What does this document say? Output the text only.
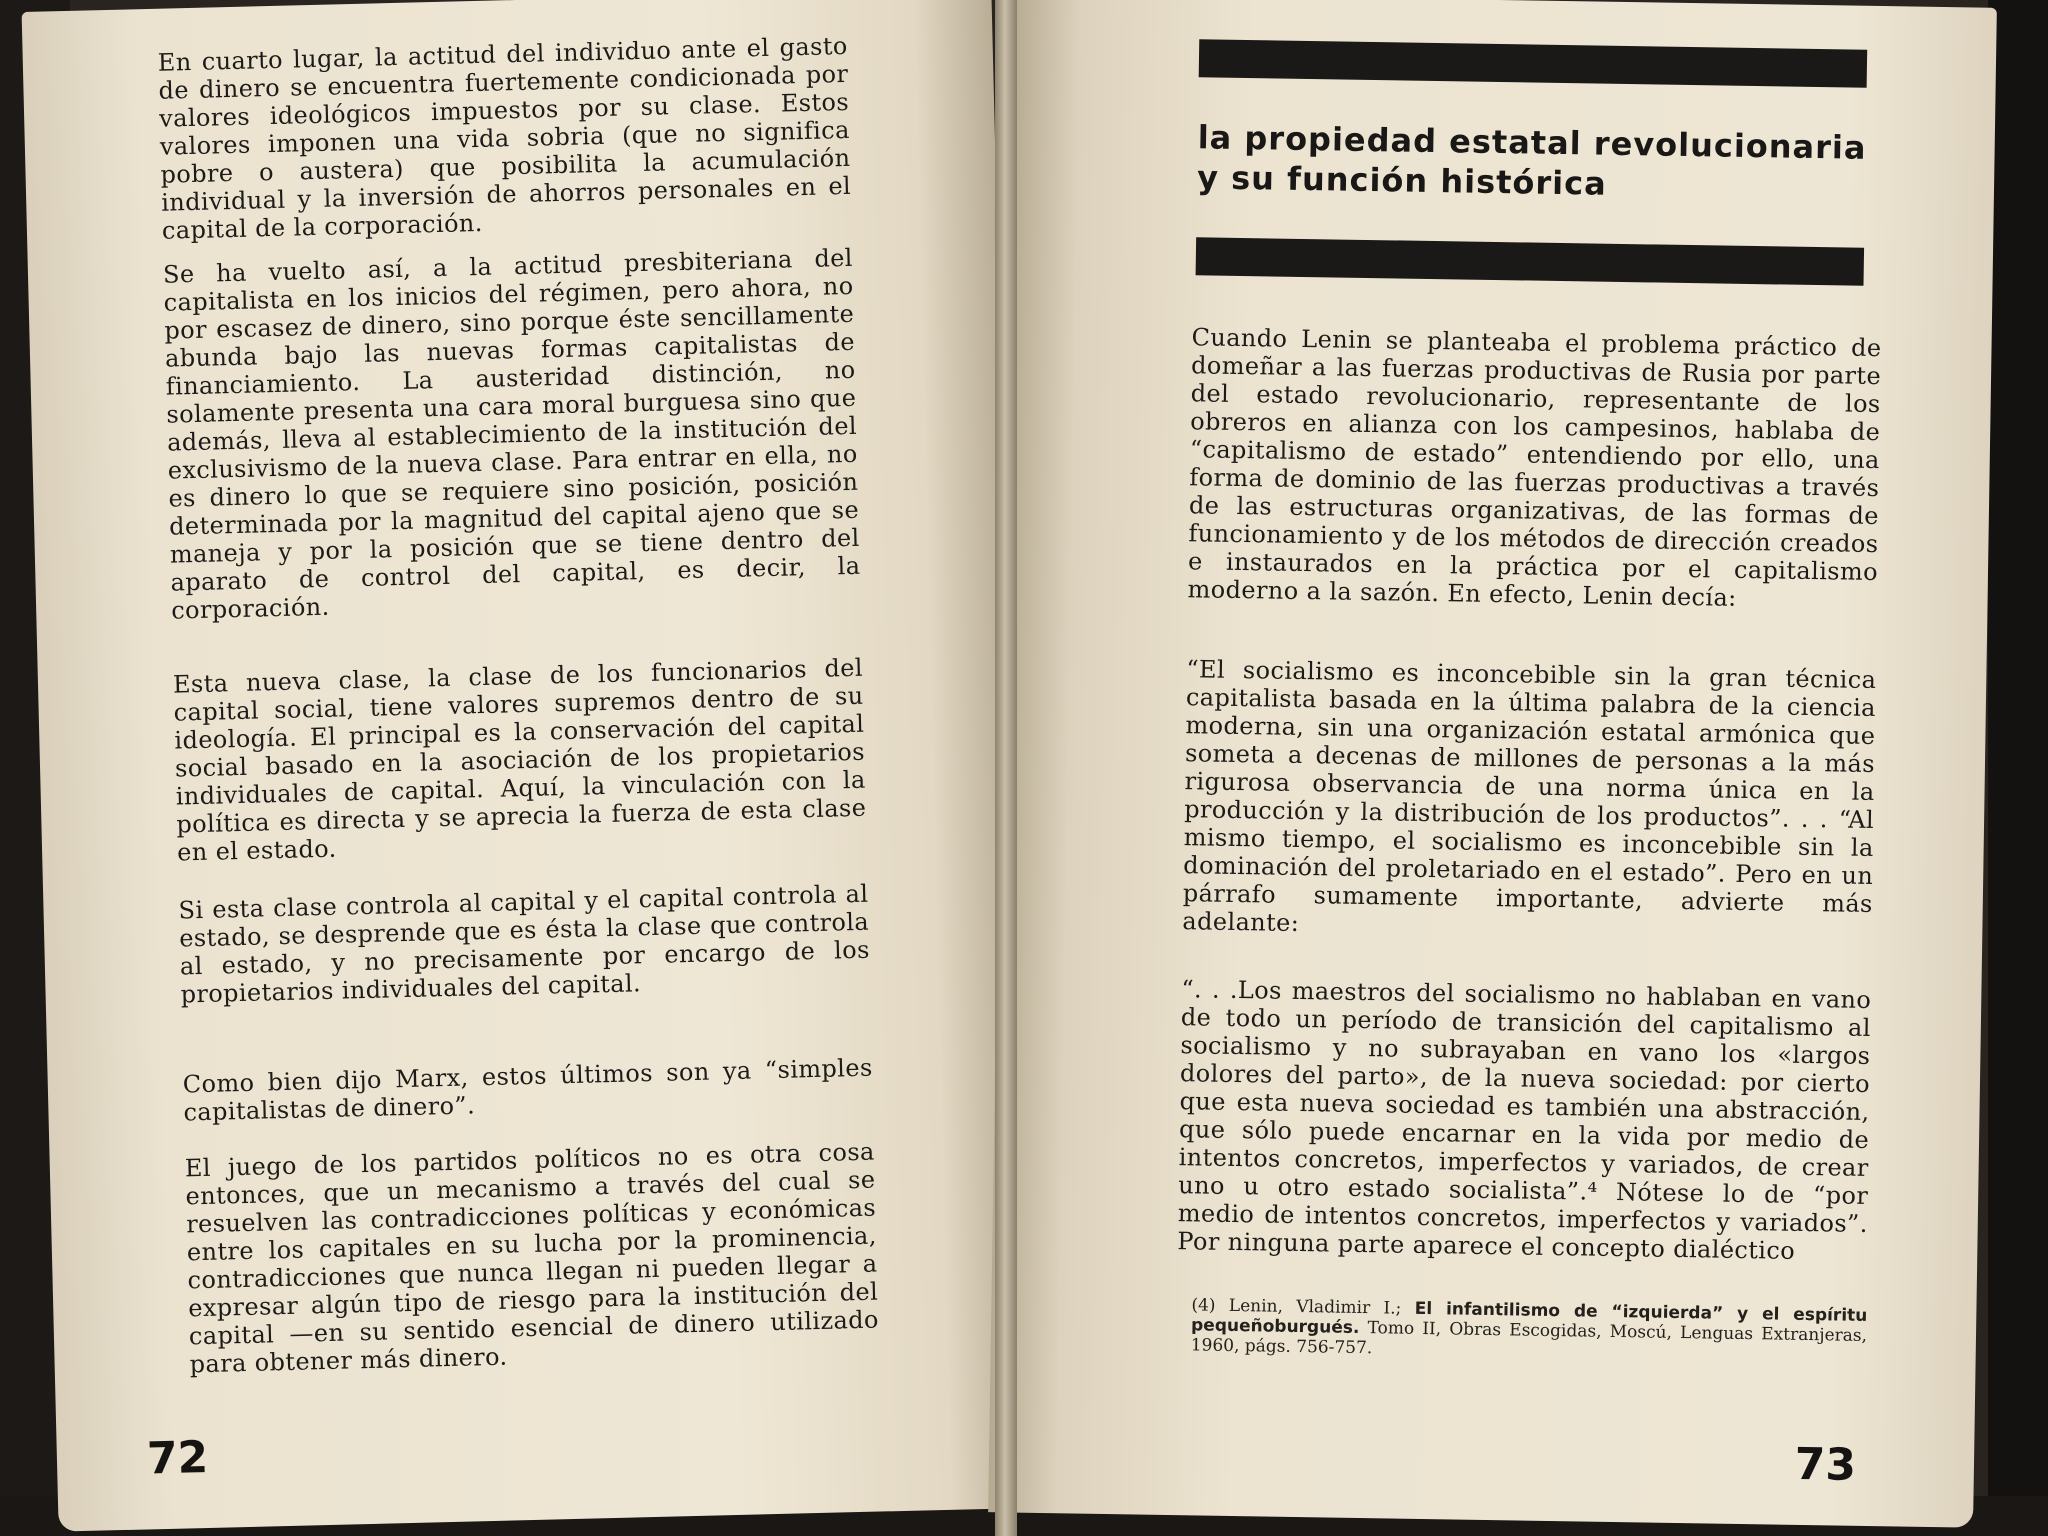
En cuarto lugar, la actitud del individuo ante el gasto de dinero se encuentra fuertemente condicionada por valores ideológicos impuestos por su clase. Estos valores imponen una vida sobria (que no significa pobre o austera) que posibilita la acumulación individual y la inversión de ahorros personales en el capital de la corporación.

Se ha vuelto así, a la actitud presbiteriana del capitalista en los inicios del régimen, pero ahora, no por escasez de dinero, sino porque éste sencillamente abunda bajo las nuevas formas capitalistas de financiamiento. La austeridad distinción, no solamente presenta una cara moral burguesa sino que además, lleva al establecimiento de la institución del exclusivismo de la nueva clase. Para entrar en ella, no es dinero lo que se requiere sino posición, posición determinada por la magnitud del capital ajeno que se maneja y por la posición que se tiene dentro del aparato de control del capital, es decir, la corporación.

Esta nueva clase, la clase de los funcionarios del capital social, tiene valores supremos dentro de su ideología. El principal es la conservación del capital social basado en la asociación de los propietarios individuales de capital. Aquí, la vinculación con la política es directa y se aprecia la fuerza de esta clase en el estado.

Si esta clase controla al capital y el capital controla al estado, se desprende que es ésta la clase que controla al estado, y no precisamente por encargo de los propietarios individuales del capital.

Como bien dijo Marx, estos últimos son ya “simples capitalistas de dinero”.

El juego de los partidos políticos no es otra cosa entonces, que un mecanismo a través del cual se resuelven las contradicciones políticas y económicas entre los capitales en su lucha por la prominencia, contradicciones que nunca llegan ni pueden llegar a expresar algún tipo de riesgo para la institución del capital —en su sentido esencial de dinero utilizado para obtener más dinero.

72
la propiedad estatal revolucionaria y su función histórica

Cuando Lenin se planteaba el problema práctico de domeñar a las fuerzas productivas de Rusia por parte del estado revolucionario, representante de los obreros en alianza con los campesinos, hablaba de “capitalismo de estado” entendiendo por ello, una forma de dominio de las fuerzas productivas a través de las estructuras organizativas, de las formas de funcionamiento y de los métodos de dirección creados e instaurados en la práctica por el capitalismo moderno a la sazón. En efecto, Lenin decía:

“El socialismo es inconcebible sin la gran técnica capitalista basada en la última palabra de la ciencia moderna, sin una organización estatal armónica que someta a decenas de millones de personas a la más rigurosa observancia de una norma única en la producción y la distribución de los productos”. . . “Al mismo tiempo, el socialismo es inconcebible sin la dominación del proletariado en el estado”. Pero en un párrafo sumamente importante, advierte más adelante:

“. . .Los maestros del socialismo no hablaban en vano de todo un período de transición del capitalismo al socialismo y no subrayaban en vano los «largos dolores del parto», de la nueva sociedad: por cierto que esta nueva sociedad es también una abstracción, que sólo puede encarnar en la vida por medio de intentos concretos, imperfectos y variados, de crear uno u otro estado socialista”.⁴ Nótese lo de “por medio de intentos concretos, imperfectos y variados”. Por ninguna parte aparece el concepto dialéctico

(4) Lenin, Vladimir I.; El infantilismo de “izquierda” y el espíritu pequeñoburgués. Tomo II, Obras Escogidas, Moscú, Lenguas Extranjeras, 1960, págs. 756-757.

73
